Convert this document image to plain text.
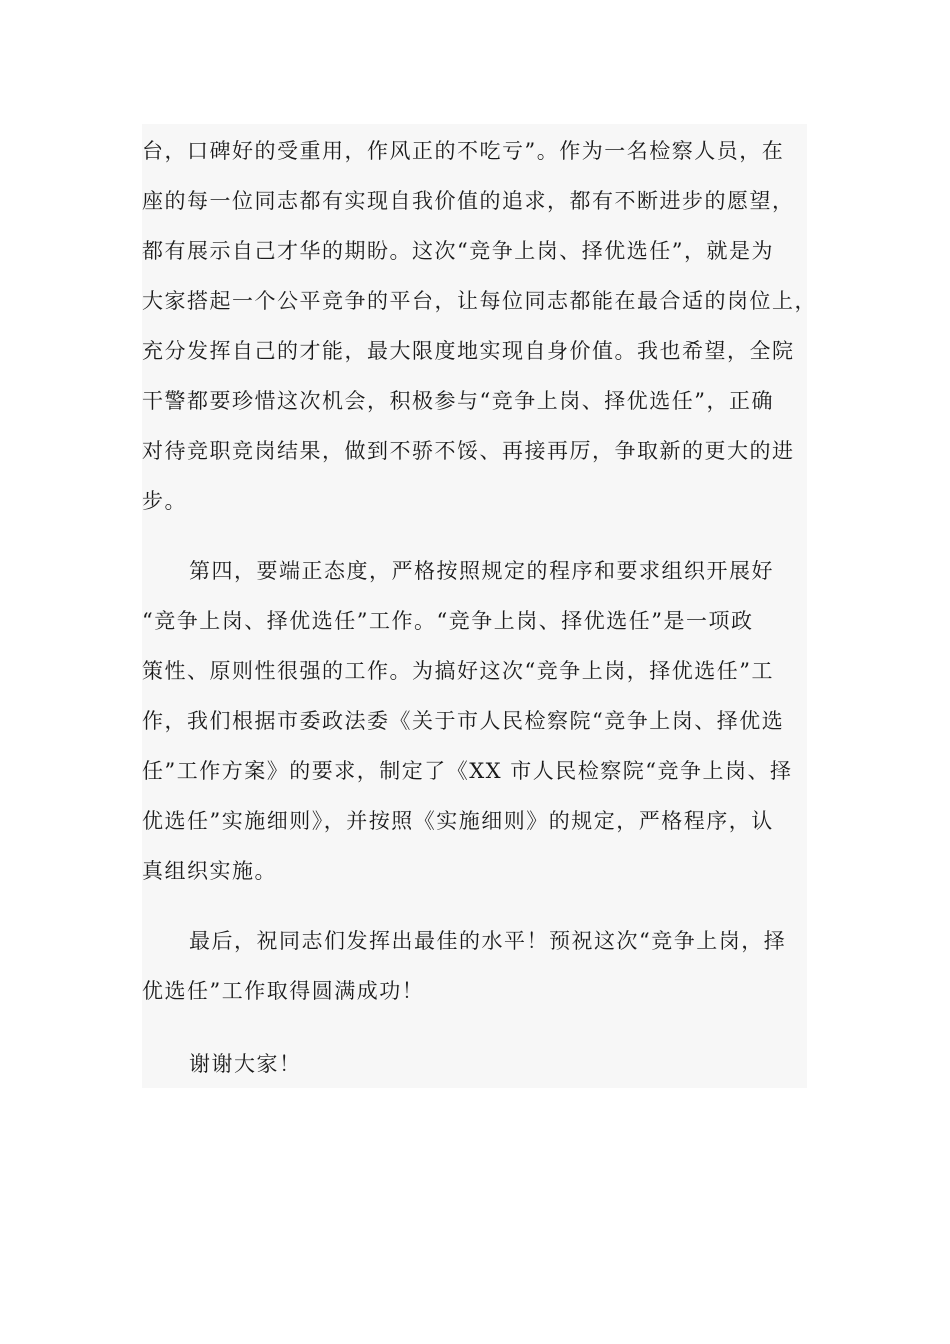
台，口碑好的受重用，作风正的不吃亏”。作为一名检察人员，在

座的每一位同志都有实现自我价值的追求，都有不断进步的愿望，

都有展示自己才华的期盼。这次“竞争上岗、择优选任”，就是为

大家搭起一个公平竞争的平台，让每位同志都能在最合适的岗位上，

充分发挥自己的才能，最大限度地实现自身价值。我也希望，全院

干警都要珍惜这次机会，积极参与“竞争上岗、择优选任”，正确

对待竞职竞岗结果，做到不骄不馁、再接再厉，争取新的更大的进

步。

第四，要端正态度，严格按照规定的程序和要求组织开展好

“竞争上岗、择优选任”工作。“竞争上岗、择优选任”是一项政

策性、原则性很强的工作。为搞好这次“竞争上岗，择优选任”工

作，我们根据市委政法委《关于市人民检察院“竞争上岗、择优选

任”工作方案》的要求，制定了《XX 市人民检察院“竞争上岗、择

优选任”实施细则》，并按照《实施细则》的规定，严格程序，认

真组织实施。

最后，祝同志们发挥出最佳的水平！预祝这次“竞争上岗，择

优选任”工作取得圆满成功！

谢谢大家！
